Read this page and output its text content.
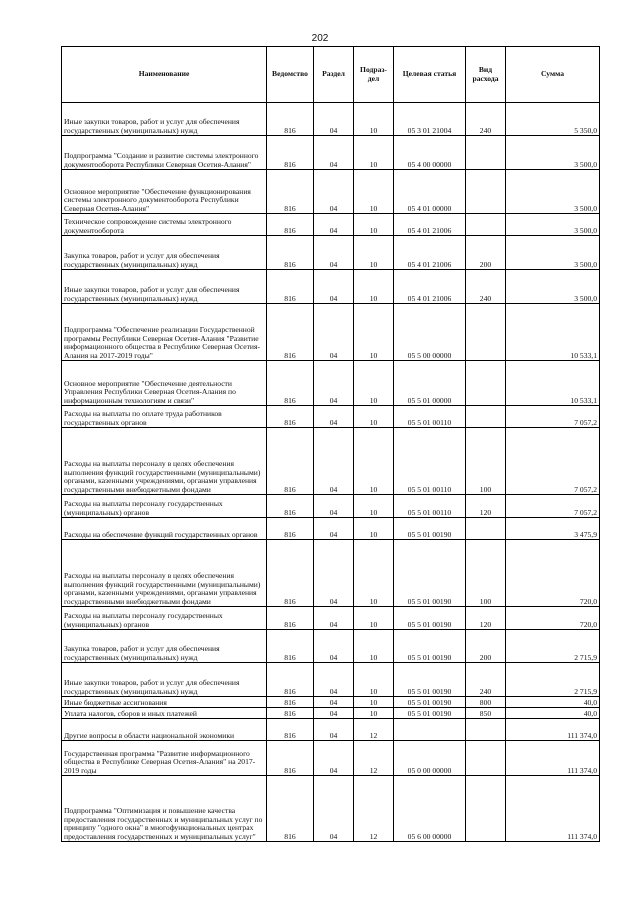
202
Наименование	Ведомство	Раздел	Подраз-дел	Целевая статья	Вид расхода	Сумма
Иные закупки товаров, работ и услуг для обеспечения государственных (муниципальных) нужд	816	04	10	05 3 01 21004	240	5 350,0
Подпрограмма "Создание и развитие системы электронного документооборота Республики Северная Осетия-Алания"	816	04	10	05 4 00 00000		3 500,0
Основное мероприятие "Обеспечение функционирования системы электронного документооборота Республики Северная Осетия-Алания"	816	04	10	05 4 01 00000		3 500,0
Техническое сопровождение системы электронного документооборота	816	04	10	05 4 01 21006		3 500,0
Закупка товаров, работ и услуг для обеспечения государственных (муниципальных) нужд	816	04	10	05 4 01 21006	200	3 500,0
Иные закупки товаров, работ и услуг для обеспечения государственных (муниципальных) нужд	816	04	10	05 4 01 21006	240	3 500,0
Подпрограмма "Обеспечение реализации Государственной программы Республики Северная Осетия-Алания "Развитие информационного общества в Республике Северная Осетия-Алания на 2017-2019 годы"	816	04	10	05 5 00 00000		10 533,1
Основное мероприятие "Обеспечение деятельности Управления Республики Северная Осетия-Алания по информационным технологиям и связи"	816	04	10	05 5 01 00000		10 533,1
Расходы на выплаты по оплате труда работников государственных органов	816	04	10	05 5 01 00110		7 057,2
Расходы на выплаты персоналу в целях обеспечения выполнения функций государственными (муниципальными) органами, казенными учреждениями, органами управления государственными внебюджетными фондами	816	04	10	05 5 01 00110	100	7 057,2
Расходы на выплаты персоналу государственных (муниципальных) органов	816	04	10	05 5 01 00110	120	7 057,2
Расходы на обеспечение функций государственных органов	816	04	10	05 5 01 00190		3 475,9
Расходы на выплаты персоналу в целях обеспечения выполнения функций государственными (муниципальными) органами, казенными учреждениями, органами управления государственными внебюджетными фондами	816	04	10	05 5 01 00190	100	720,0
Расходы на выплаты персоналу государственных (муниципальных) органов	816	04	10	05 5 01 00190	120	720,0
Закупка товаров, работ и услуг для обеспечения государственных (муниципальных) нужд	816	04	10	05 5 01 00190	200	2 715,9
Иные закупки товаров, работ и услуг для обеспечения государственных (муниципальных) нужд	816	04	10	05 5 01 00190	240	2 715,9
Иные бюджетные ассигнования	816	04	10	05 5 01 00190	800	40,0
Уплата налогов, сборов и иных платежей	816	04	10	05 5 01 00190	850	40,0
Другие вопросы в области национальной экономики	816	04	12			111 374,0
Государственная программа "Развитие информационного общества в Республике Северная Осетия-Алания" на 2017-2019 годы	816	04	12	05 0 00 00000		111 374,0
Подпрограмма "Оптимизация и повышение качества предоставления государственных и муниципальных услуг по принципу "одного окна" в многофункциональных центрах предоставления государственных и муниципальных услуг"	816	04	12	05 6 00 00000		111 374,0
